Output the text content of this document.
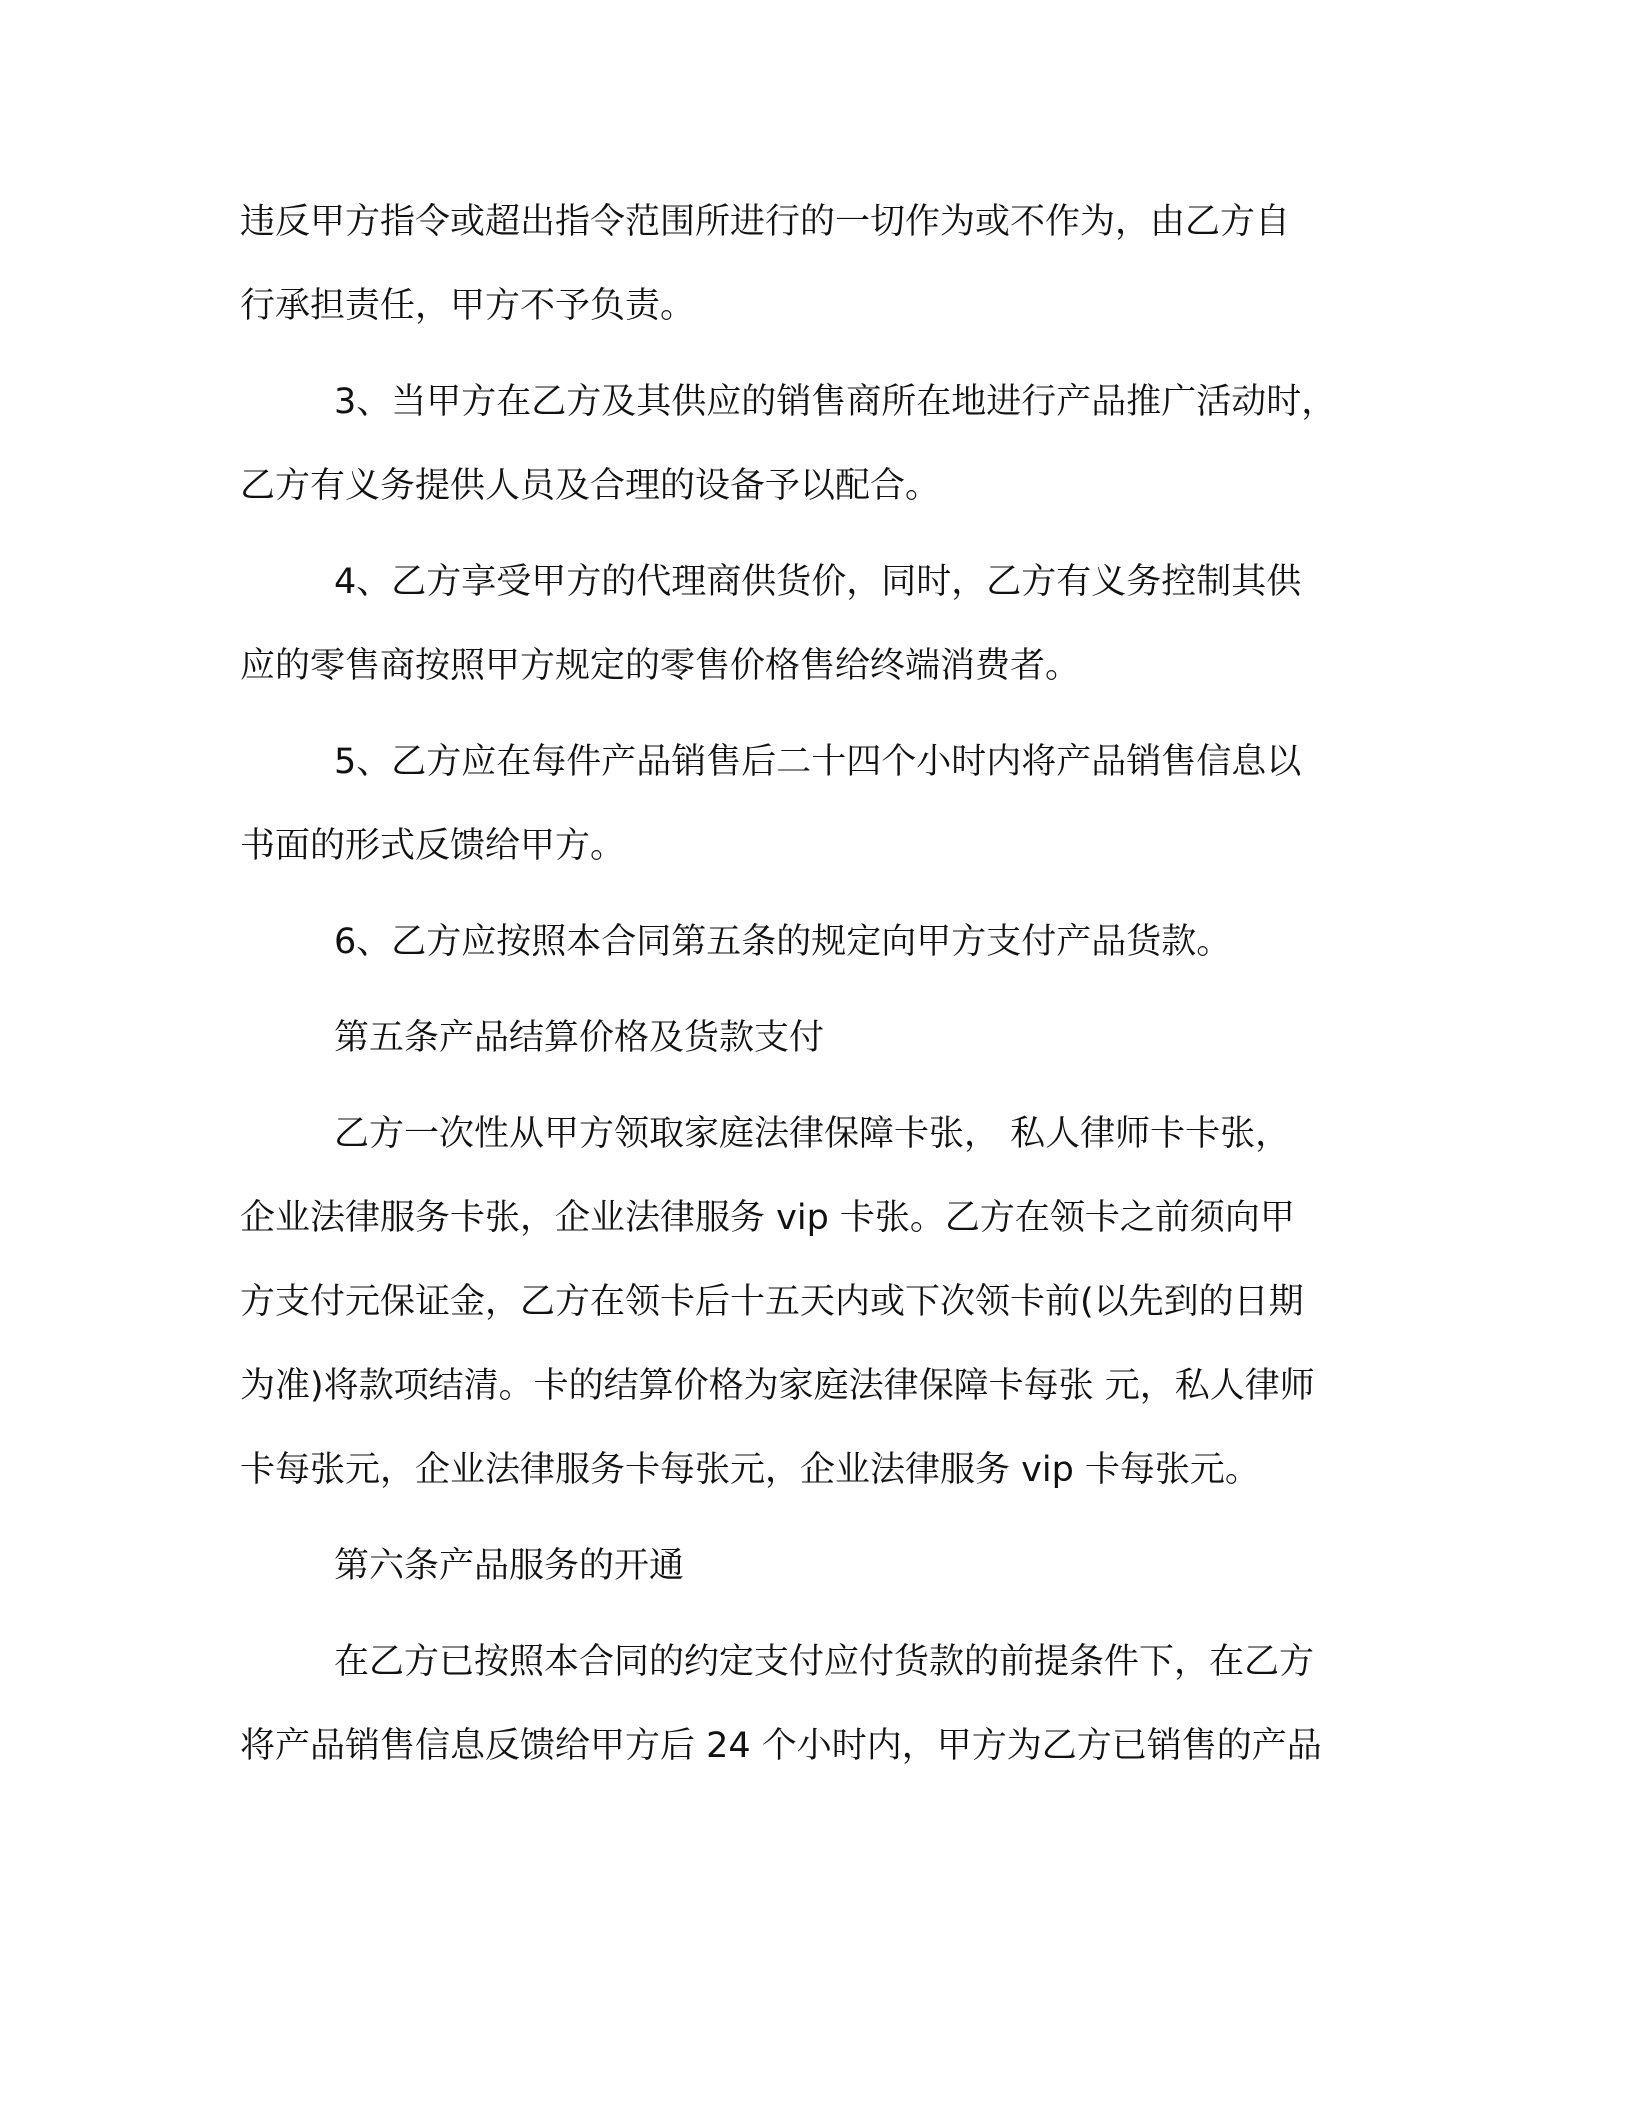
违反甲方指令或超出指令范围所进行的一切作为或不作为，由乙方自
行承担责任，甲方不予负责。

3、当甲方在乙方及其供应的销售商所在地进行产品推广活动时，
乙方有义务提供人员及合理的设备予以配合。

4、乙方享受甲方的代理商供货价，同时，乙方有义务控制其供
应的零售商按照甲方规定的零售价格售给终端消费者。

5、乙方应在每件产品销售后二十四个小时内将产品销售信息以
书面的形式反馈给甲方。

6、乙方应按照本合同第五条的规定向甲方支付产品货款。

第五条产品结算价格及货款支付

乙方一次性从甲方领取家庭法律保障卡张， 私人律师卡卡张，
企业法律服务卡张，企业法律服务 vip 卡张。乙方在领卡之前须向甲
方支付元保证金，乙方在领卡后十五天内或下次领卡前(以先到的日期
为准)将款项结清。卡的结算价格为家庭法律保障卡每张 元，私人律师
卡每张元，企业法律服务卡每张元，企业法律服务 vip 卡每张元。

第六条产品服务的开通

在乙方已按照本合同的约定支付应付货款的前提条件下，在乙方
将产品销售信息反馈给甲方后 24 个小时内，甲方为乙方已销售的产品
